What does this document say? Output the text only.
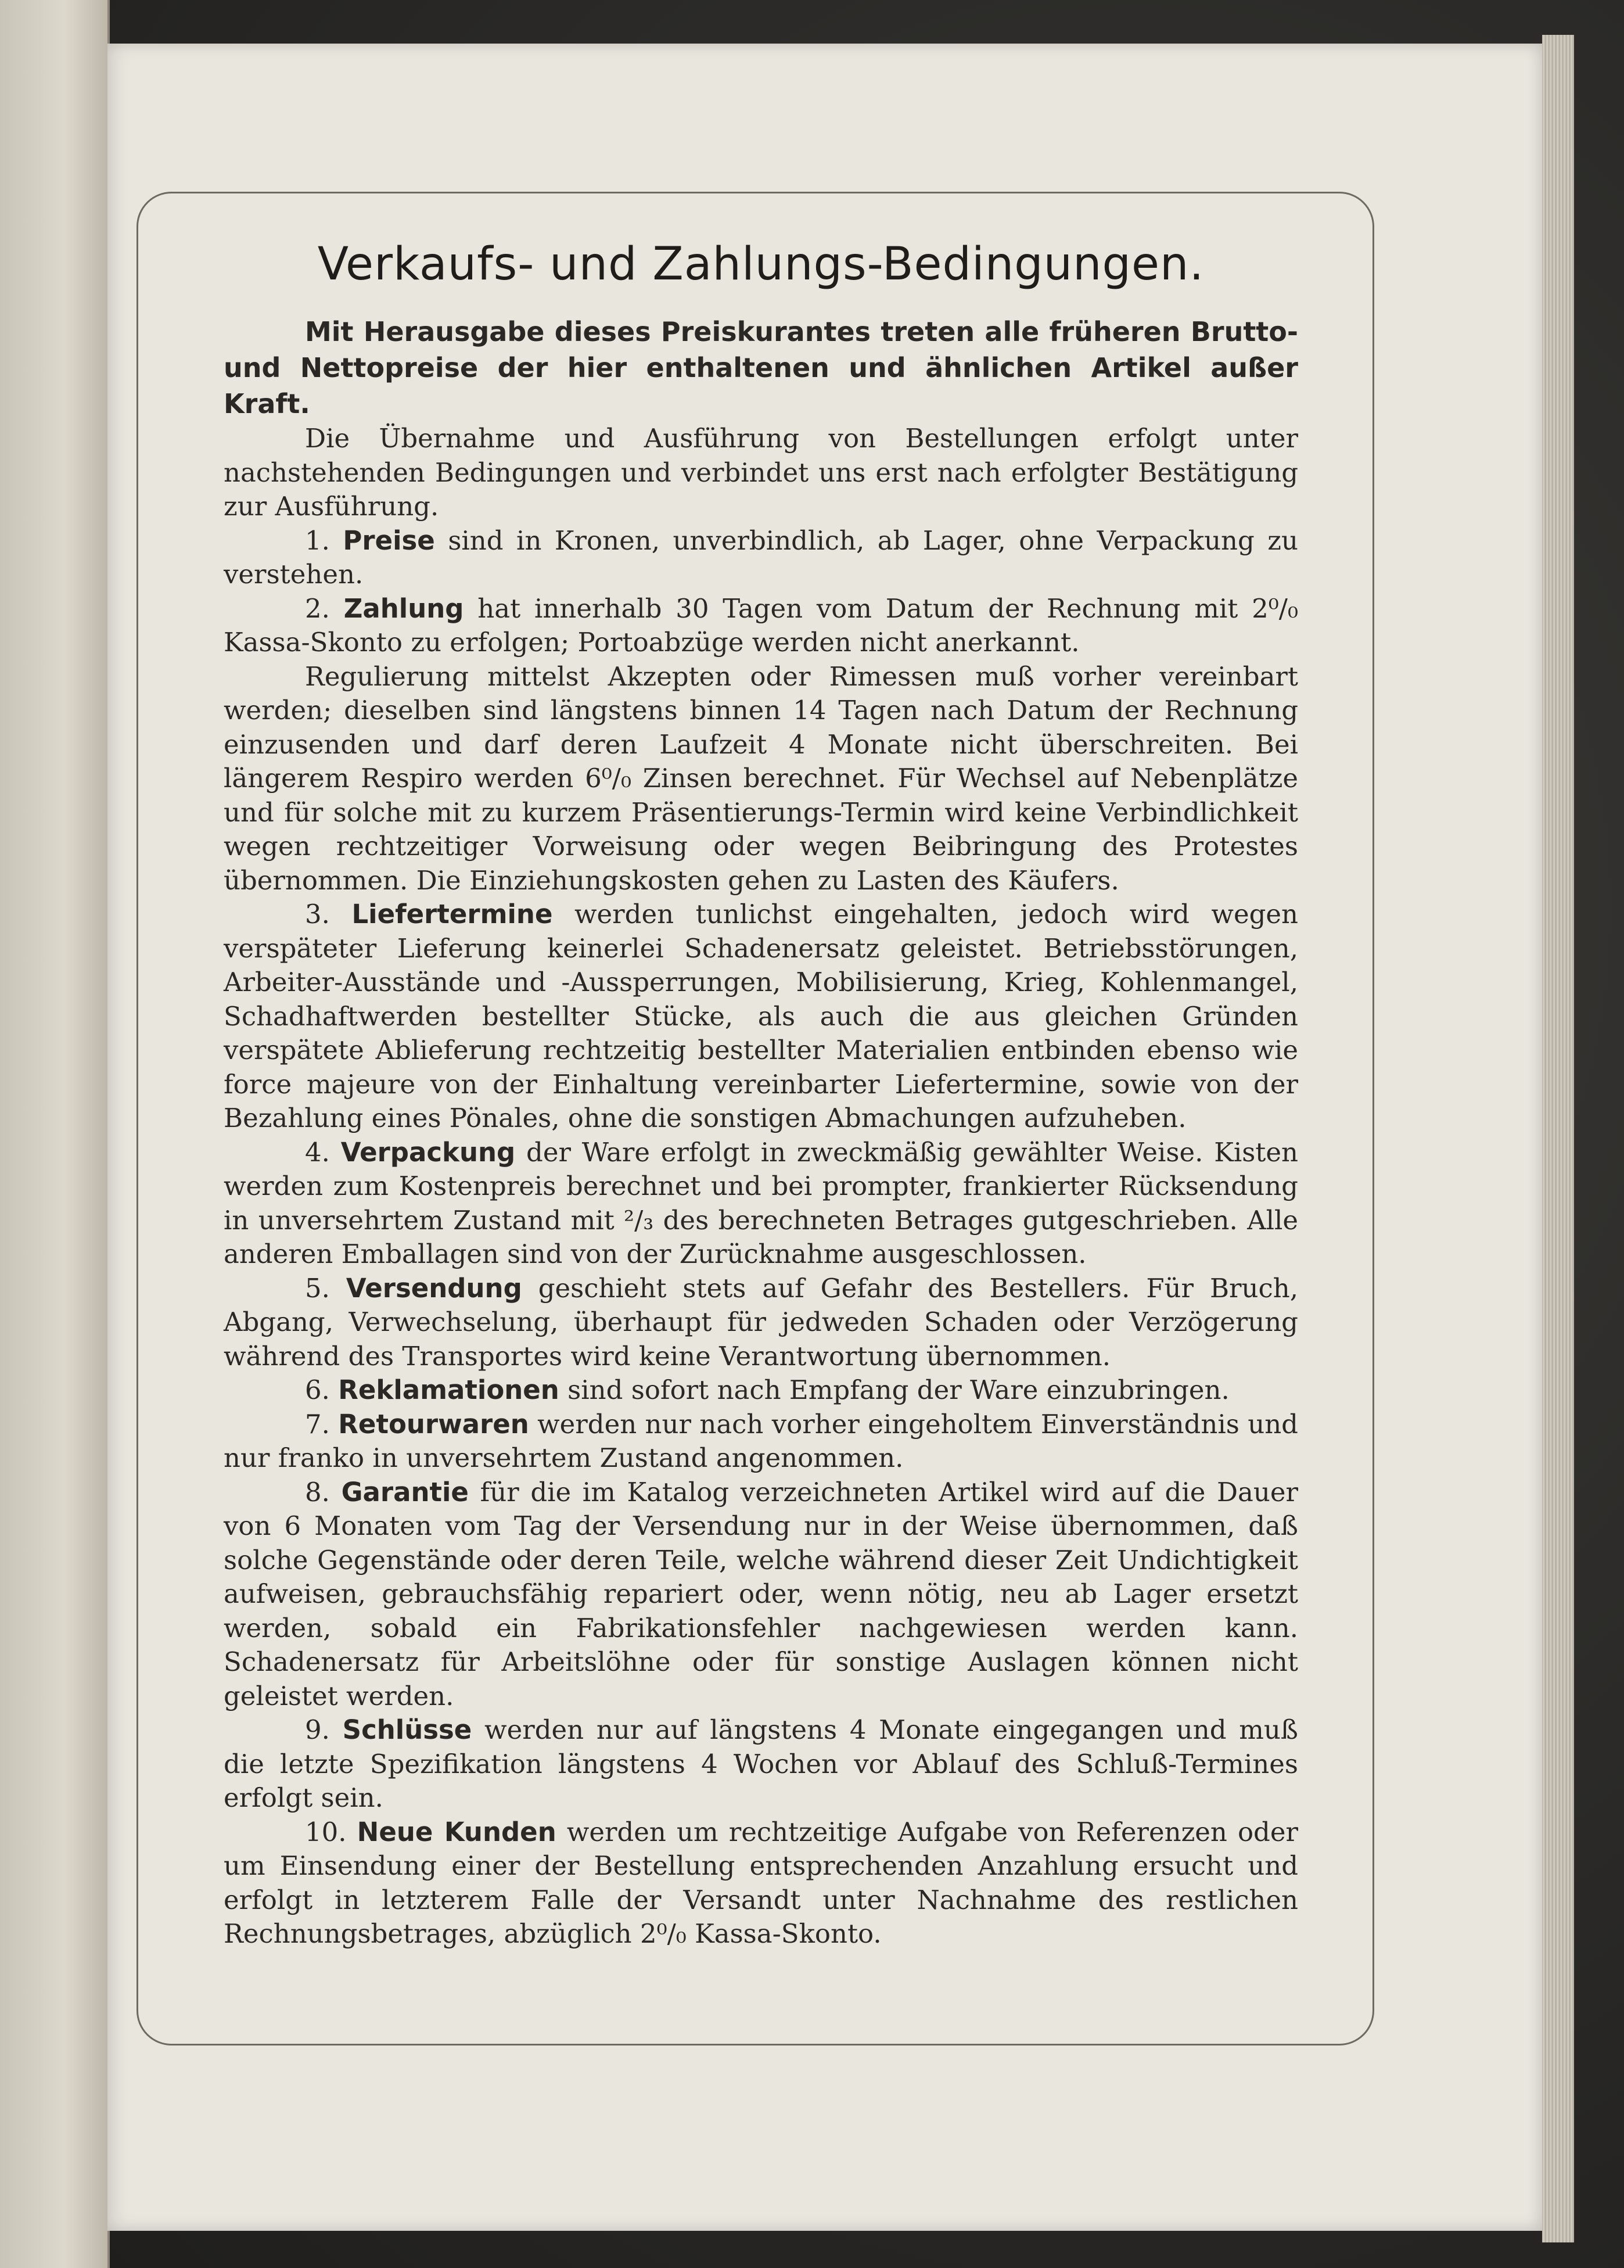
Verkaufs- und Zahlungs-Bedingungen.

Mit Herausgabe dieses Preiskurantes treten alle früheren Brutto- und Nettopreise der hier enthaltenen und ähnlichen Artikel außer Kraft.

Die Übernahme und Ausführung von Bestellungen erfolgt unter nachstehenden Bedingungen und verbindet uns erst nach erfolgter Bestätigung zur Ausführung.

1. Preise sind in Kronen, unverbindlich, ab Lager, ohne Verpackung zu verstehen.

2. Zahlung hat innerhalb 30 Tagen vom Datum der Rechnung mit 2⁰/₀ Kassa-Skonto zu erfolgen; Portoabzüge werden nicht anerkannt.

Regulierung mittelst Akzepten oder Rimessen muß vorher vereinbart werden; dieselben sind längstens binnen 14 Tagen nach Datum der Rechnung einzusenden und darf deren Laufzeit 4 Monate nicht überschreiten. Bei längerem Respiro werden 6⁰/₀ Zinsen berechnet. Für Wechsel auf Nebenplätze und für solche mit zu kurzem Präsentierungs-Termin wird keine Verbindlichkeit wegen rechtzeitiger Vorweisung oder wegen Beibringung des Protestes übernommen. Die Einziehungskosten gehen zu Lasten des Käufers.

3. Liefertermine werden tunlichst eingehalten, jedoch wird wegen verspäteter Lieferung keinerlei Schadenersatz geleistet. Betriebsstörungen, Arbeiter-Ausstände und -Aussperrungen, Mobilisierung, Krieg, Kohlenmangel, Schadhaftwerden bestellter Stücke, als auch die aus gleichen Gründen verspätete Ablieferung rechtzeitig bestellter Materialien entbinden ebenso wie force majeure von der Einhaltung vereinbarter Liefertermine, sowie von der Bezahlung eines Pönales, ohne die sonstigen Abmachungen aufzuheben.

4. Verpackung der Ware erfolgt in zweckmäßig gewählter Weise. Kisten werden zum Kostenpreis berechnet und bei prompter, frankierter Rücksendung in unversehrtem Zustand mit ²/₃ des berechneten Betrages gutgeschrieben. Alle anderen Emballagen sind von der Zurücknahme ausgeschlossen.

5. Versendung geschieht stets auf Gefahr des Bestellers. Für Bruch, Abgang, Verwechselung, überhaupt für jedweden Schaden oder Verzögerung während des Transportes wird keine Verantwortung übernommen.

6. Reklamationen sind sofort nach Empfang der Ware einzubringen.

7. Retourwaren werden nur nach vorher eingeholtem Einverständnis und nur franko in unversehrtem Zustand angenommen.

8. Garantie für die im Katalog verzeichneten Artikel wird auf die Dauer von 6 Monaten vom Tag der Versendung nur in der Weise übernommen, daß solche Gegenstände oder deren Teile, welche während dieser Zeit Undichtigkeit aufweisen, gebrauchsfähig repariert oder, wenn nötig, neu ab Lager ersetzt werden, sobald ein Fabrikationsfehler nachgewiesen werden kann. Schadenersatz für Arbeitslöhne oder für sonstige Auslagen können nicht geleistet werden.

9. Schlüsse werden nur auf längstens 4 Monate eingegangen und muß die letzte Spezifikation längstens 4 Wochen vor Ablauf des Schluß-Termines erfolgt sein.

10. Neue Kunden werden um rechtzeitige Aufgabe von Referenzen oder um Einsendung einer der Bestellung entsprechenden Anzahlung ersucht und erfolgt in letzterem Falle der Versandt unter Nachnahme des restlichen Rechnungsbetrages, abzüglich 2⁰/₀ Kassa-Skonto.
